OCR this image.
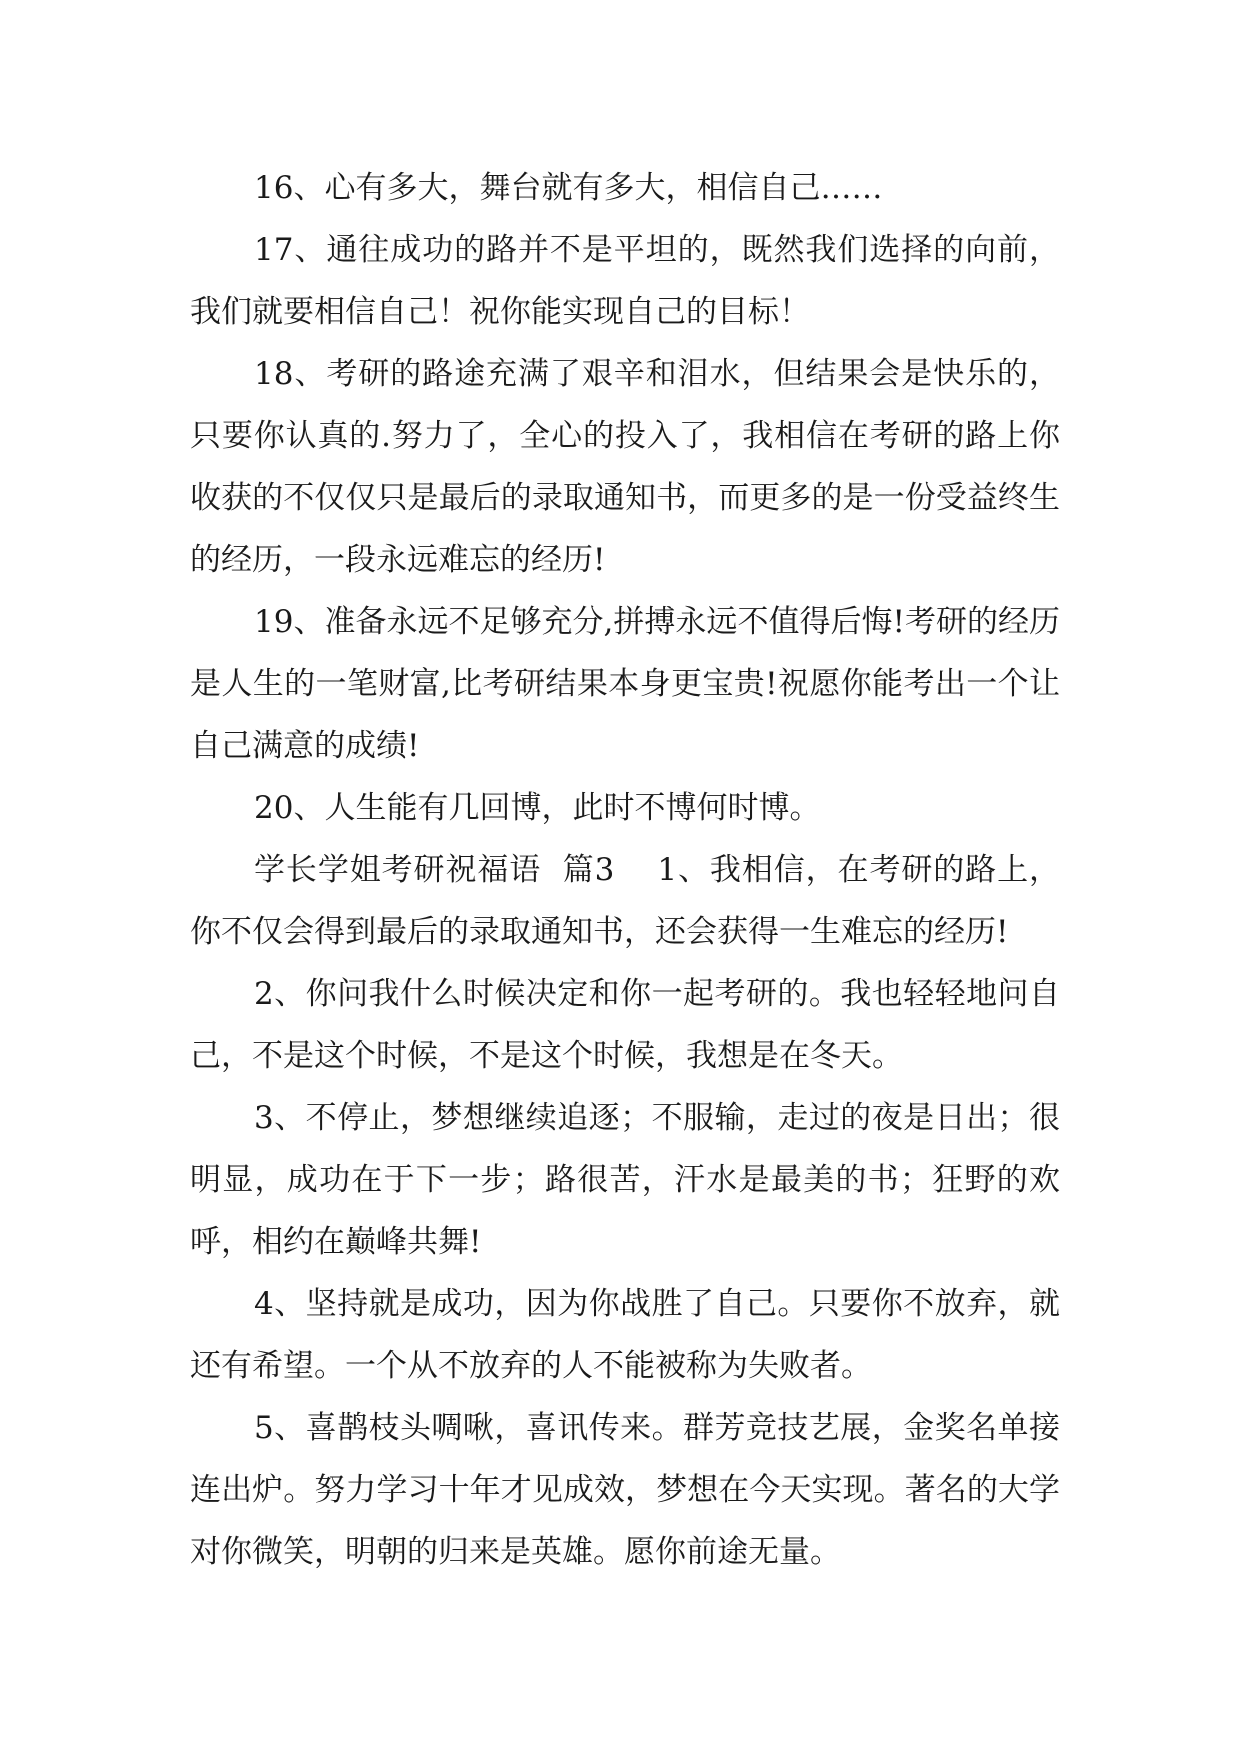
16、心有多大，舞台就有多大，相信自己……

17、通往成功的路并不是平坦的，既然我们选择的向前，我们就要相信自己！祝你能实现自己的目标！

18、考研的路途充满了艰辛和泪水，但结果会是快乐的，只要你认真的.努力了，全心的投入了，我相信在考研的路上你收获的不仅仅只是最后的录取通知书，而更多的是一份受益终生的经历，一段永远难忘的经历!

19、准备永远不足够充分,拼搏永远不值得后悔!考研的经历是人生的一笔财富,比考研结果本身更宝贵!祝愿你能考出一个让自己满意的成绩!

20、人生能有几回博，此时不博何时博。

学长学姐考研祝福语  篇3    1、我相信，在考研的路上，你不仅会得到最后的录取通知书，还会获得一生难忘的经历!

2、你问我什么时候决定和你一起考研的。我也轻轻地问自己，不是这个时候，不是这个时候，我想是在冬天。

3、不停止，梦想继续追逐；不服输，走过的夜是日出；很明显，成功在于下一步；路很苦，汗水是最美的书；狂野的欢呼，相约在巅峰共舞!

4、坚持就是成功，因为你战胜了自己。只要你不放弃，就还有希望。一个从不放弃的人不能被称为失败者。

5、喜鹊枝头啁啾，喜讯传来。群芳竞技艺展，金奖名单接连出炉。努力学习十年才见成效，梦想在今天实现。著名的大学对你微笑，明朝的归来是英雄。愿你前途无量。
